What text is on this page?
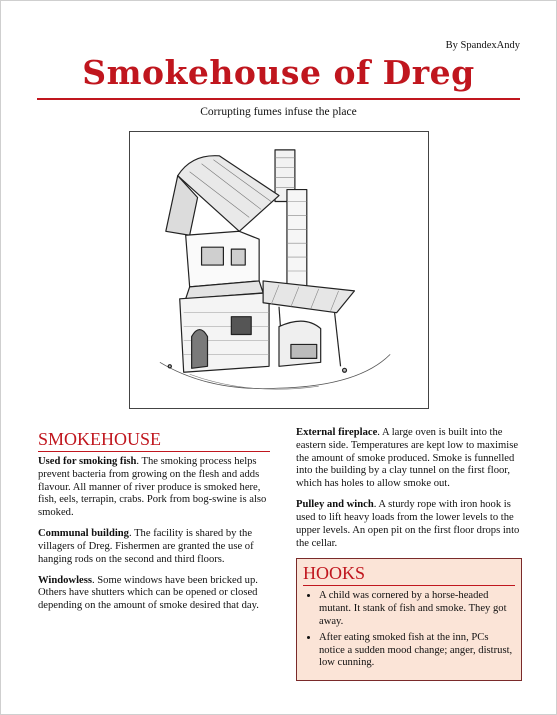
By SpandexAndy
Smokehouse of Dreg
Corrupting fumes infuse the place
SMOKEHOUSE

Used for smoking fish. The smoking process helps prevent bacteria from growing on the flesh and adds flavour. All manner of river produce is smoked here, fish, eels, terrapin, crabs. Pork from bog-swine is also smoked.

Communal building. The facility is shared by the villagers of Dreg. Fishermen are granted the use of hanging rods on the second and third floors.

Windowless. Some windows have been bricked up. Others have shutters which can be opened or closed depending on the amount of smoke desired that day.

External fireplace. A large oven is built into the eastern side. Temperatures are kept low to maximise the amount of smoke produced. Smoke is funnelled into the building by a clay tunnel on the first floor, which has holes to allow smoke out.

Pulley and winch. A sturdy rope with iron hook is used to lift heavy loads from the lower levels to the upper levels. An open pit on the first floor drops into the cellar.

HOOKS
• A child was cornered by a horse-headed mutant. It stank of fish and smoke. They got away.
• After eating smoked fish at the inn, PCs notice a sudden mood change; anger, distrust, low cunning.
